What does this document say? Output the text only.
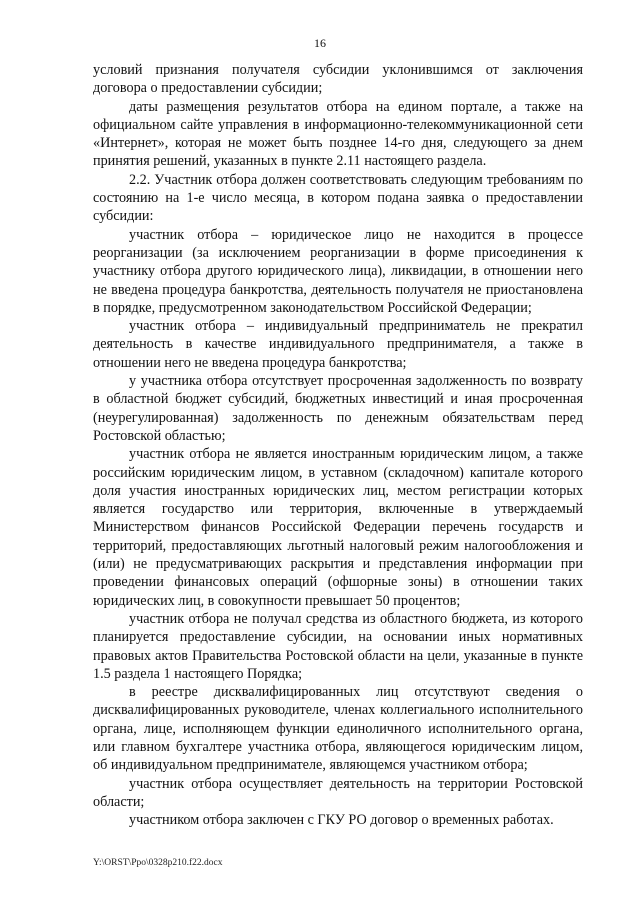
16

условий признания получателя субсидии уклонившимся от заключения договора о предоставлении субсидии;

даты размещения результатов отбора на едином портале, а также на официальном сайте управления в информационно-телекоммуникационной сети «Интернет», которая не может быть позднее 14-го дня, следующего за днем принятия решений, указанных в пункте 2.11 настоящего раздела.

2.2. Участник отбора должен соответствовать следующим требованиям по состоянию на 1-е число месяца, в котором подана заявка о предоставлении субсидии:

участник отбора – юридическое лицо не находится в процессе реорганизации (за исключением реорганизации в форме присоединения к участнику отбора другого юридического лица), ликвидации, в отношении него не введена процедура банкротства, деятельность получателя не приостановлена в порядке, предусмотренном законодательством Российской Федерации;

участник отбора – индивидуальный предприниматель не прекратил деятельность в качестве индивидуального предпринимателя, а также в отношении него не введена процедура банкротства;

у участника отбора отсутствует просроченная задолженность по возврату в областной бюджет субсидий, бюджетных инвестиций и иная просроченная (неурегулированная) задолженность по денежным обязательствам перед Ростовской областью;

участник отбора не является иностранным юридическим лицом, а также российским юридическим лицом, в уставном (складочном) капитале которого доля участия иностранных юридических лиц, местом регистрации которых является государство или территория, включенные в утверждаемый Министерством финансов Российской Федерации перечень государств и территорий, предоставляющих льготный налоговый режим налогообложения и (или) не предусматривающих раскрытия и представления информации при проведении финансовых операций (офшорные зоны) в отношении таких юридических лиц, в совокупности превышает 50 процентов;

участник отбора не получал средства из областного бюджета, из которого планируется предоставление субсидии, на основании иных нормативных правовых актов Правительства Ростовской области на цели, указанные в пункте 1.5 раздела 1 настоящего Порядка;

в реестре дисквалифицированных лиц отсутствуют сведения о дисквалифицированных руководителе, членах коллегиального исполнительного органа, лице, исполняющем функции единоличного исполнительного органа, или главном бухгалтере участника отбора, являющегося юридическим лицом, об индивидуальном предпринимателе, являющемся участником отбора;

участник отбора осуществляет деятельность на территории Ростовской области;

участником отбора заключен с ГКУ РО договор о временных работах.

Y:\ORST\Ppo\0328p210.f22.docx
